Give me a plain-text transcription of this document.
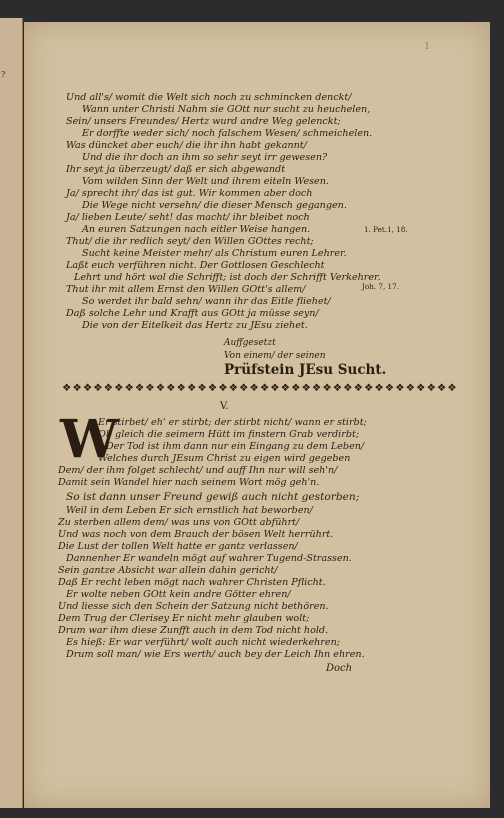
?
1
Und all's/ womit die Welt sich noch zu schmincken denckt/
Wann unter Christi Nahm sie GOtt nur sucht zu heuchelen,
Sein/ unsers Freundes/ Hertz wurd andre Weg gelenckt;
Er dorffte weder sich/ noch falschem Wesen/ schmeichelen.
Was düncket aber euch/ die ihr ihn habt gekannt/
Und die ihr doch an ihm so sehr seyt irr gewesen?
Ihr seyt ja überzeugt/ daß er sich abgewandt
Vom wilden Sinn der Welt und ihrem eiteln Wesen.
Ja/ sprecht ihr/ das ist gut. Wir kommen aber doch
Die Wege nicht versehn/ die dieser Mensch gegangen.
Ja/ lieben Leute/ seht! das macht/ ihr bleibet noch
An euren Satzungen nach eitler Weise hangen.
Thut/ die ihr redlich seyt/ den Willen GOttes recht;
Sucht keine Meister mehr/ als Christum euren Lehrer.
Laßt euch verführen nicht. Der Gottlosen Geschlecht
Lehrt und hört wol die Schrifft; ist doch der Schrifft Verkehrer.
Thut ihr mit allem Ernst den Willen GOtt's allem/
So werdet ihr bald sehn/ wann ihr das Eitle fliehet/
Daß solche Lehr und Krafft aus GOtt ja müsse seyn/
Die von der Eitelkeit das Hertz zu JEsu ziehet.
1. Pet.1, 18.
Joh. 7, 17.
Auffgesetzt
Von einem/ der seinen
Prüfstein JEsu Sucht.
❖❖❖❖❖❖❖❖❖❖❖❖❖❖❖❖❖❖❖❖❖❖❖❖❖❖❖❖❖❖❖❖❖❖❖❖❖❖
V.
W
Er stirbet/ eh' er stirbt; der stirbt nicht/ wann er stirbt;
Ob gleich die seimern Hütt im finstern Grab verdirbt;
Der Tod ist ihm dann nur ein Eingang zu dem Leben/
Welches durch JEsum Christ zu eigen wird gegeben
Dem/ der ihm folget schlecht/ und auff Ihn nur will seh'n/
Damit sein Wandel hier nach seinem Wort mög geh'n.
So ist dann unser Freund gewiß auch nicht gestorben;
Weil in dem Leben Er sich ernstlich hat beworben/
Zu sterben allem dem/ was uns von GOtt abführt/
Und was noch von dem Brauch der bösen Welt herrührt.
Die Lust der tollen Welt hatte er gantz verlassen/
Dannenher Er wandeln mögt auf wahrer Tugend-Strassen.
Sein gantze Absicht war allein dahin gericht/
Daß Er recht leben mögt nach wahrer Christen Pflicht.
Er wolte neben GOtt kein andre Götter ehren/
Und liesse sich den Schein der Satzung nicht bethören.
Dem Trug der Clerisey Er nicht mehr glauben wolt;
Drum war ihm diese Zunfft auch in dem Tod nicht hold.
Es hieß: Er war verführt/ wolt auch nicht wiederkehren;
Drum soll man/ wie Ers werth/ auch bey der Leich Ihn ehren.
Doch
